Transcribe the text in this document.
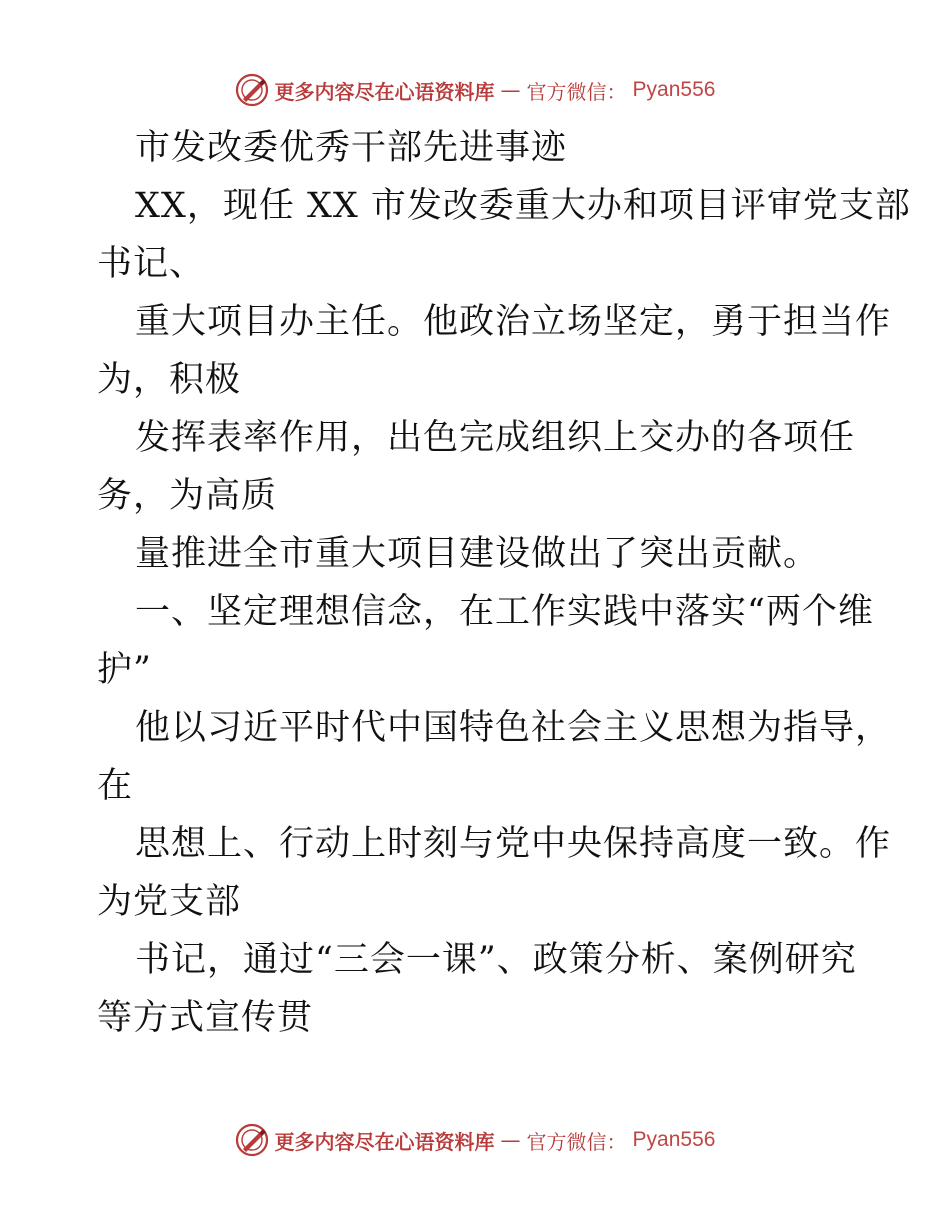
更多内容尽在心语资料库 — 官方微信： Pyan556
市发改委优秀干部先进事迹
XX，现任 XX 市发改委重大办和项目评审党支部
书记、
重大项目办主任。他政治立场坚定，勇于担当作
为，积极
发挥表率作用，出色完成组织上交办的各项任
务，为高质
量推进全市重大项目建设做出了突出贡献。
一、坚定理想信念，在工作实践中落实“两个维
护”
他以习近平时代中国特色社会主义思想为指导，
在
思想上、行动上时刻与党中央保持高度一致。作
为党支部
书记，通过“三会一课”、政策分析、案例研究
等方式宣传贯
更多内容尽在心语资料库 — 官方微信： Pyan556
